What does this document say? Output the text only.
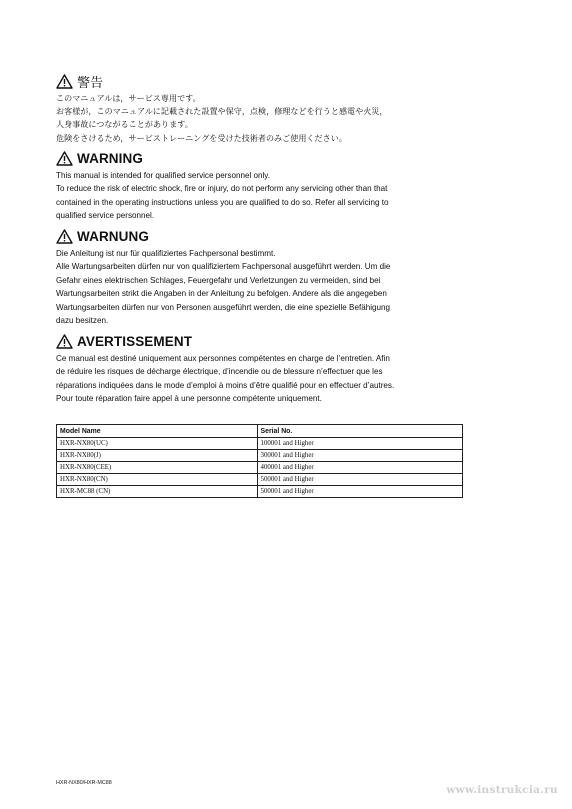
警告
このマニュアルは，サービス専用です。
お客様が，このマニュアルに記載された設置や保守，点検，修理などを行うと感電や火災，
人身事故につながることがあります。
危険をさけるため，サービストレーニングを受けた技術者のみご使用ください。
WARNING
This manual is intended for qualified service personnel only.
To reduce the risk of electric shock, fire or injury, do not perform any servicing other than that
contained in the operating instructions unless you are qualified to do so. Refer all servicing to
qualified service personnel.
WARNUNG
Die Anleitung ist nur für qualifiziertes Fachpersonal bestimmt.
Alle Wartungsarbeiten dürfen nur von qualifiziertem Fachpersonal ausgeführt werden. Um die
Gefahr eines elektrischen Schlages, Feuergefahr und Verletzungen zu vermeiden, sind bei
Wartungsarbeiten strikt die Angaben in der Anleitung zu befolgen. Andere als die angegeben
Wartungsarbeiten dürfen nur von Personen ausgeführt werden, die eine spezielle Befähigung
dazu besitzen.
AVERTISSEMENT
Ce manual est destiné uniquement aux personnes compétentes en charge de l’entretien. Afin
de réduire les risques de décharge électrique, d’incendie ou de blessure n’effectuer que les
réparations indiquées dans le mode d’emploi à moins d’être qualifié pour en effectuer d’autres.
Pour toute réparation faire appel à une personne compétente uniquement.
Model Name	Serial No.
HXR-NX80(UC)	100001 and Higher
HXR-NX80(J)	300001 and Higher
HXR-NX80(CEE)	400001 and Higher
HXR-NX80(CN)	500001 and Higher
HXR-MC88 (CN)	500001 and Higher
HXR-NX80/HXR-MC88
www.instrukcia.ru
